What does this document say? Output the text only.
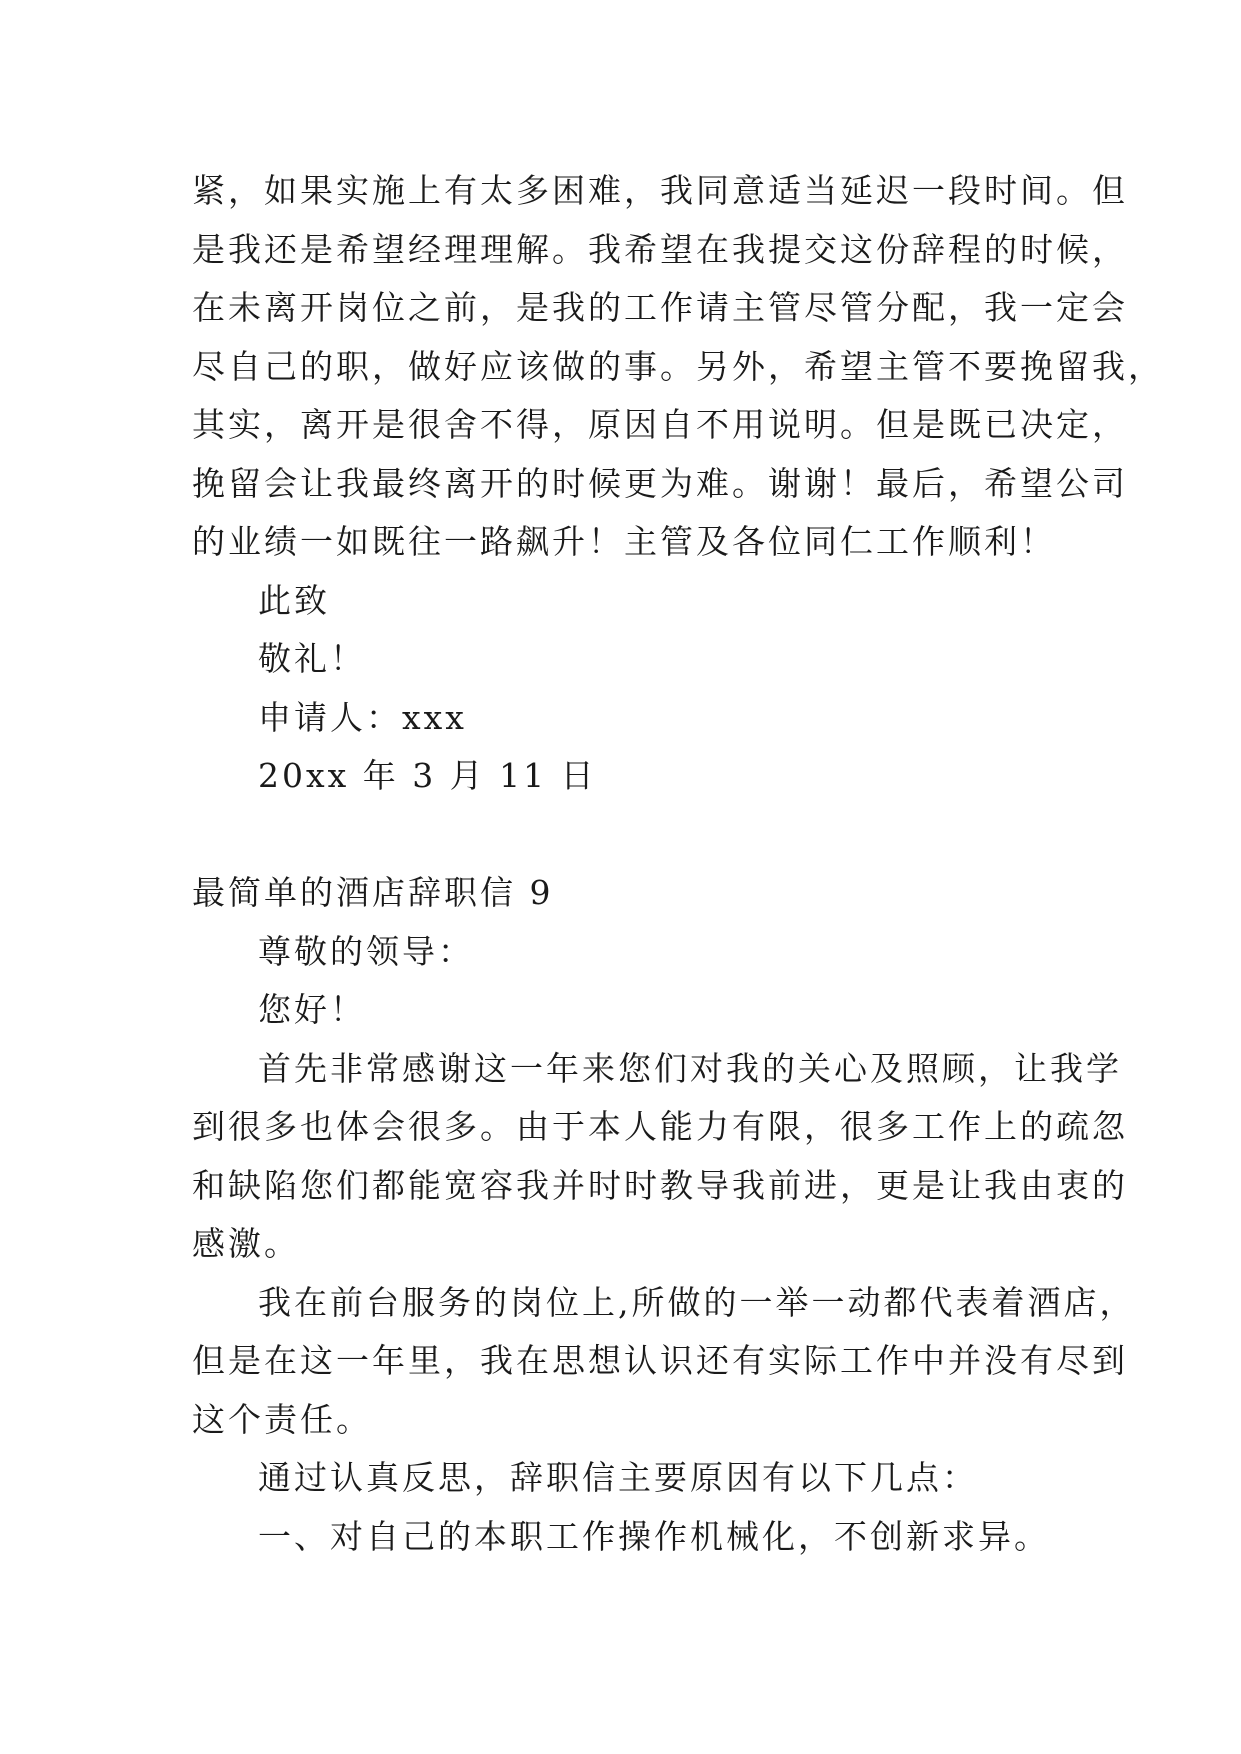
紧，如果实施上有太多困难，我同意适当延迟一段时间。但
是我还是希望经理理解。我希望在我提交这份辞程的时候，
在未离开岗位之前，是我的工作请主管尽管分配，我一定会
尽自己的职，做好应该做的事。另外，希望主管不要挽留我，
其实，离开是很舍不得，原因自不用说明。但是既已决定，
挽留会让我最终离开的时候更为难。谢谢！最后，希望公司
的业绩一如既往一路飙升！主管及各位同仁工作顺利！
此致
敬礼！
申请人：xxx
20xx 年 3 月 11 日
最简单的酒店辞职信 9
尊敬的领导：
您好！
首先非常感谢这一年来您们对我的关心及照顾，让我学
到很多也体会很多。由于本人能力有限，很多工作上的疏忽
和缺陷您们都能宽容我并时时教导我前进，更是让我由衷的
感激。
我在前台服务的岗位上,所做的一举一动都代表着酒店，
但是在这一年里，我在思想认识还有实际工作中并没有尽到
这个责任。
通过认真反思，辞职信主要原因有以下几点：
一、对自己的本职工作操作机械化，不创新求异。
